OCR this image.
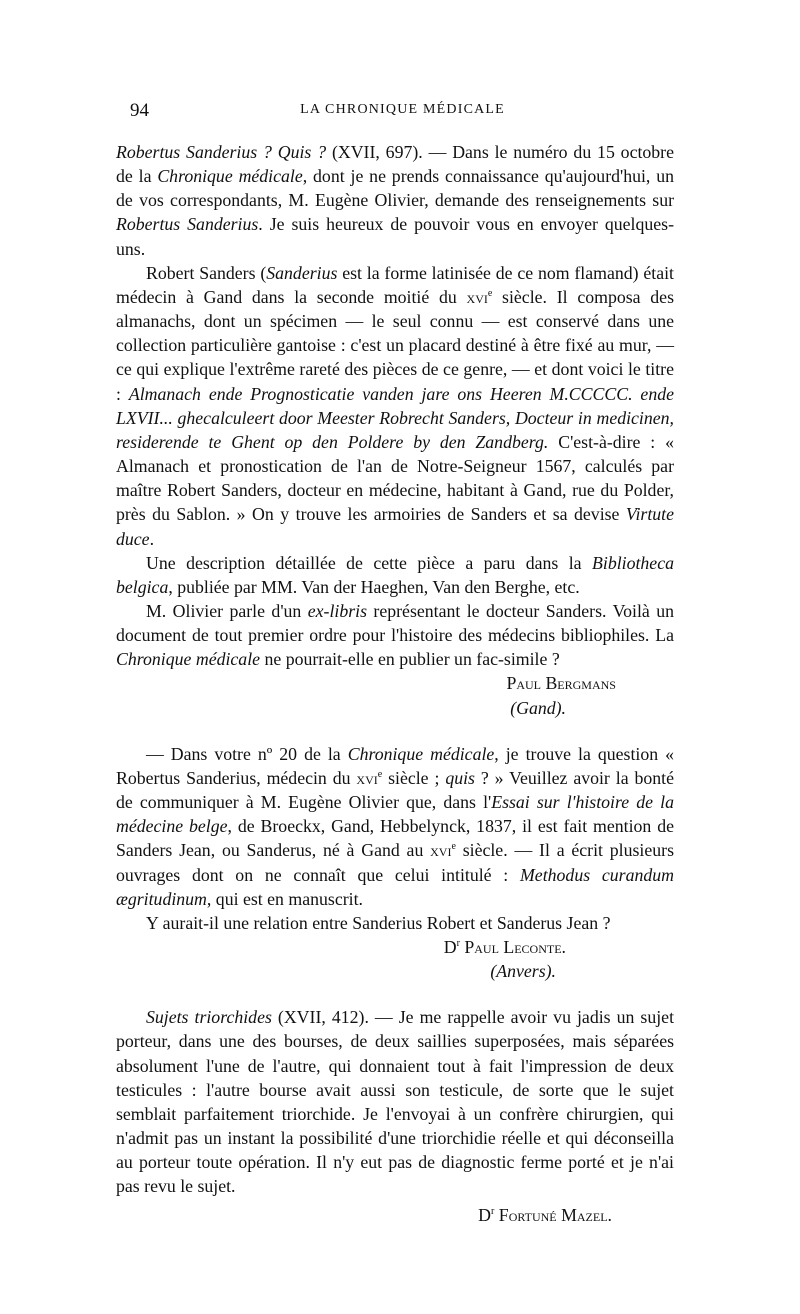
94	LA CHRONIQUE MÉDICALE

Robertus Sanderius ? Quis ? (XVII, 697). — Dans le numéro du 15 octobre de la Chronique médicale, dont je ne prends connaissance qu'aujourd'hui, un de vos correspondants, M. Eugène Olivier, demande des renseignements sur Robertus Sanderius. Je suis heureux de pouvoir vous en envoyer quelques-uns.

Robert Sanders (Sanderius est la forme latinisée de ce nom flamand) était médecin à Gand dans la seconde moitié du xvi$^e$ siècle. Il composa des almanachs, dont un spécimen — le seul connu — est conservé dans une collection particulière gantoise : c'est un placard destiné à être fixé au mur, — ce qui explique l'extrême rareté des pièces de ce genre, — et dont voici le titre : Almanach ende Prognosticatie vanden jare ons Heeren M.CCCCC. ende LXVII... ghecalculeert door Meester Robrecht Sanders, Docteur in medicinen, residerende te Ghent op den Poldere by den Zandberg. C'est-à-dire : « Almanach et pronostication de l'an de Notre-Seigneur 1567, calculés par maître Robert Sanders, docteur en médecine, habitant à Gand, rue du Polder, près du Sablon. » On y trouve les armoiries de Sanders et sa devise Virtute duce.

Une description détaillée de cette pièce a paru dans la Bibliotheca belgica, publiée par MM. Van der Haeghen, Van den Berghe, etc.

M. Olivier parle d'un ex-libris représentant le docteur Sanders. Voilà un document de tout premier ordre pour l'histoire des médecins bibliophiles. La Chronique médicale ne pourrait-elle en publier un fac-simile ?

Paul Bergmans

(Gand).

— Dans votre nº 20 de la Chronique médicale, je trouve la question « Robertus Sanderius, médecin du xvi$^e$ siècle ; quis ? » Veuillez avoir la bonté de communiquer à M. Eugène Olivier que, dans l'Essai sur l'histoire de la médecine belge, de Broeckx, Gand, Hebbelynck, 1837, il est fait mention de Sanders Jean, ou Sanderus, né à Gand au xvi$^e$ siècle. — Il a écrit plusieurs ouvrages dont on ne connaît que celui intitulé : Methodus curandum ægritudinum, qui est en manuscrit.

Y aurait-il une relation entre Sanderius Robert et Sanderus Jean ?

$D^r$ Paul Leconte.

(Anvers).

Sujets triorchides (XVII, 412). — Je me rappelle avoir vu jadis un sujet porteur, dans une des bourses, de deux saillies superposées, mais séparées absolument l'une de l'autre, qui donnaient tout à fait l'impression de deux testicules : l'autre bourse avait aussi son testicule, de sorte que le sujet semblait parfaitement triorchide. Je l'envoyai à un confrère chirurgien, qui n'admit pas un instant la possibilité d'une triorchidie réelle et qui déconseilla au porteur toute opération. Il n'y eut pas de diagnostic ferme porté et je n'ai pas revu le sujet.

$D^r$ Fortuné Mazel.
